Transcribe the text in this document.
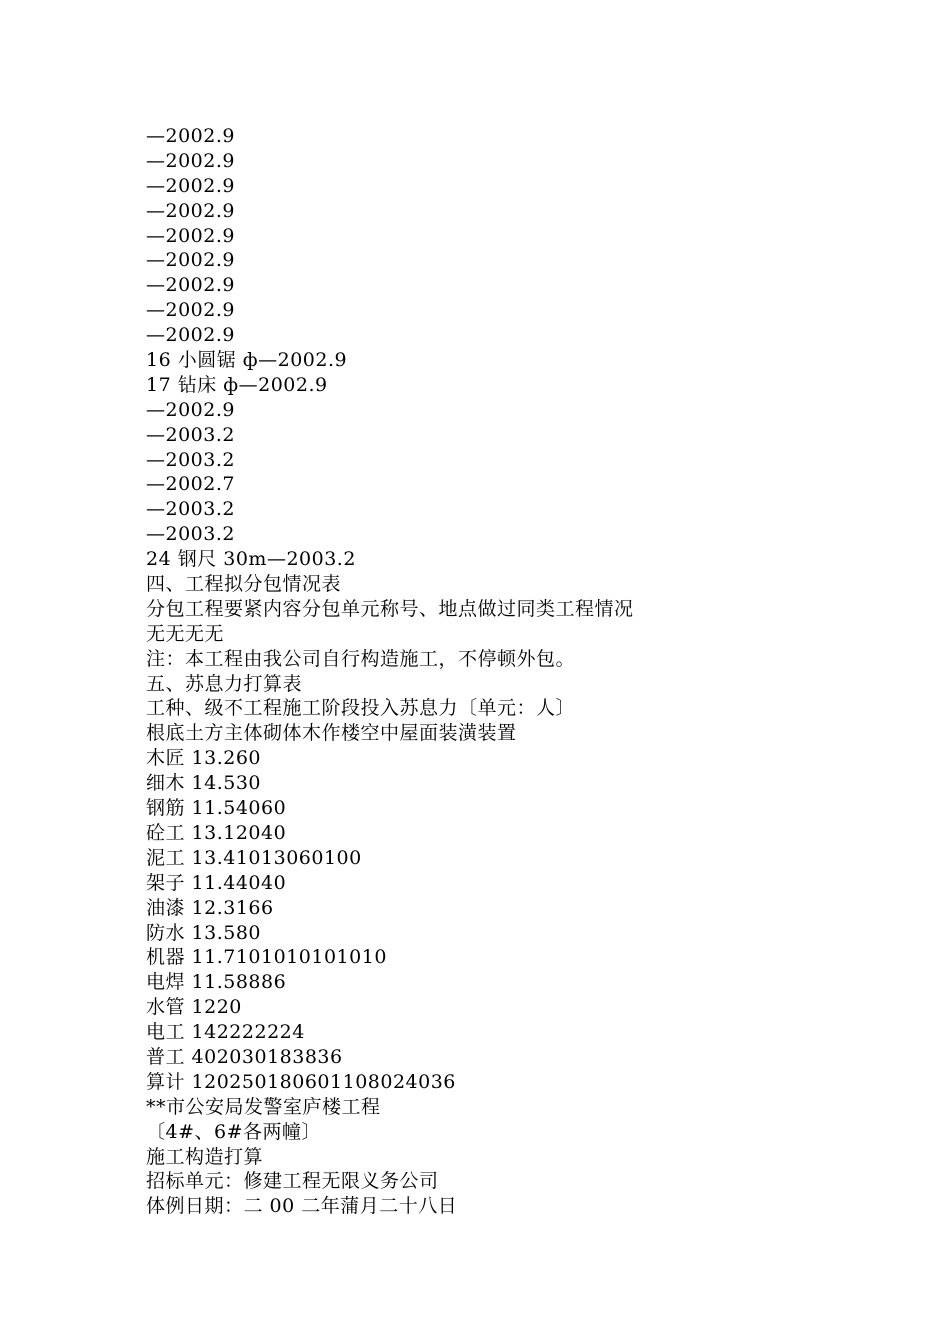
—2002.9
—2002.9
—2002.9
—2002.9
—2002.9
—2002.9
—2002.9
—2002.9
—2002.9
16 小圆锯 ф—2002.9
17 钻床 ф—2002.9
—2002.9
—2003.2
—2003.2
—2002.7
—2003.2
—2003.2
24 钢尺 30m—2003.2
四、工程拟分包情况表
分包工程要紧内容分包单元称号、地点做过同类工程情况
无无无无
注：本工程由我公司自行构造施工，不停顿外包。
五、苏息力打算表
工种、级不工程施工阶段投入苏息力〔单元：人〕
根底土方主体砌体木作楼空中屋面装潢装置
木匠 13.260
细木 14.530
钢筋 11.54060
砼工 13.12040
泥工 13.41013060100
架子 11.44040
油漆 12.3166
防水 13.580
机器 11.7101010101010
电焊 11.58886
水管 1220
电工 142222224
普工 402030183836
算计 12025018060110802403​6
**市公安局发警室庐楼工程
〔4#、6#各两幢〕
施工构造打算
招标单元：修建工程无限义务公司
体例日期：二 00 二年蒲月二十八日
